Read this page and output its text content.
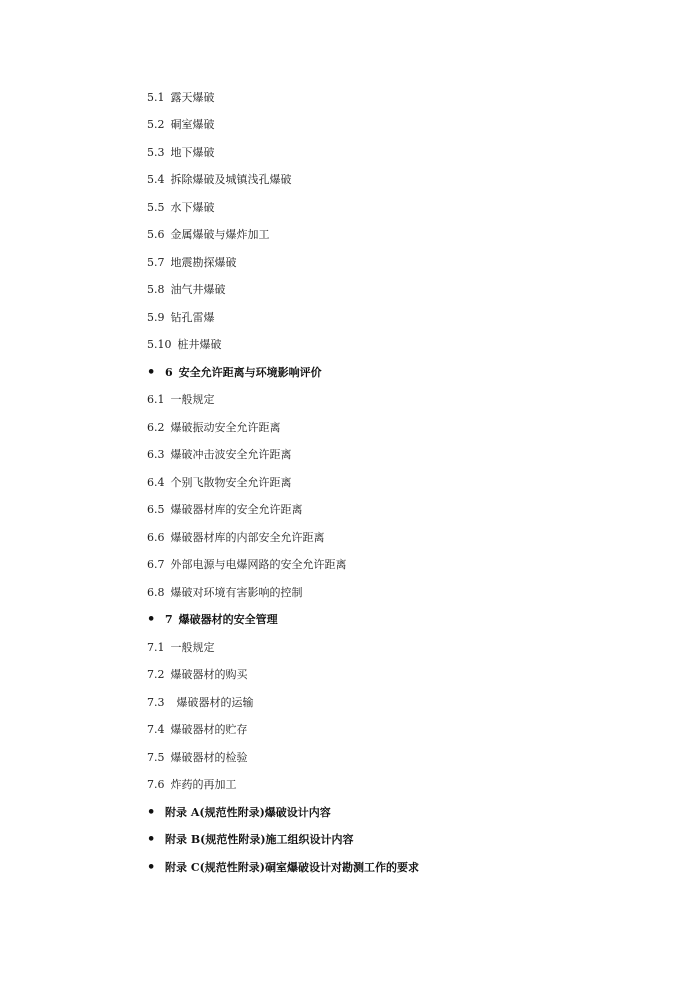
5.1 露天爆破
5.2 硐室爆破
5.3 地下爆破
5.4 拆除爆破及城镇浅孔爆破
5.5 水下爆破
5.6 金属爆破与爆炸加工
5.7 地震勘探爆破
5.8 油气井爆破
5.9 钻孔雷爆
5.10 桩井爆破
• 6 安全允许距离与环境影响评价
6.1 一般规定
6.2 爆破振动安全允许距离
6.3 爆破冲击波安全允许距离
6.4 个别飞散物安全允许距离
6.5 爆破器材库的安全允许距离
6.6 爆破器材库的内部安全允许距离
6.7 外部电源与电爆网路的安全允许距离
6.8 爆破对环境有害影响的控制
• 7 爆破器材的安全管理
7.1 一般规定
7.2 爆破器材的购买
7.3 爆破器材的运输
7.4 爆破器材的贮存
7.5 爆破器材的检验
7.6 炸药的再加工
• 附录 A(规范性附录)爆破设计内容
• 附录 B(规范性附录)施工组织设计内容
• 附录 C(规范性附录)硐室爆破设计对勘测工作的要求
